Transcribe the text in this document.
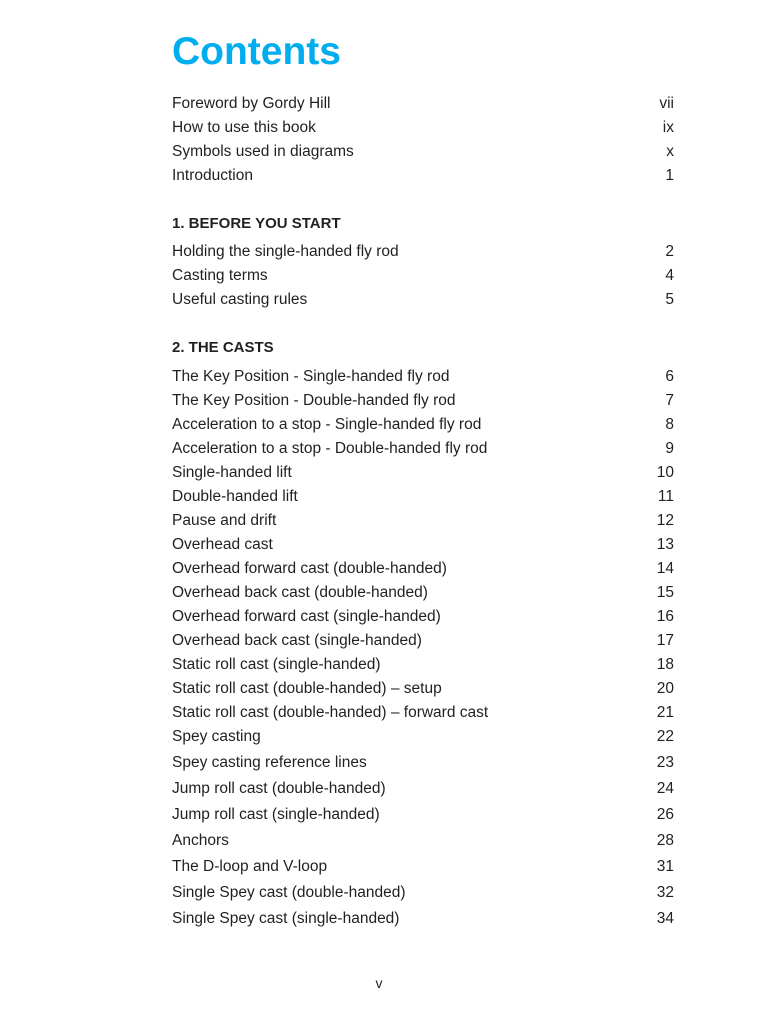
Contents
Foreword by Gordy Hill	vii
How to use this book	ix
Symbols used in diagrams	x
Introduction	1
1. BEFORE YOU START
Holding the single-handed fly rod	2
Casting terms	4
Useful casting rules	5
2. THE CASTS
The Key Position - Single-handed fly rod	6
The Key Position - Double-handed fly rod	7
Acceleration to a stop - Single-handed fly rod	8
Acceleration to a stop - Double-handed fly rod	9
Single-handed lift	10
Double-handed lift	11
Pause and drift	12
Overhead cast	13
Overhead forward cast (double-handed)	14
Overhead back cast (double-handed)	15
Overhead forward cast (single-handed)	16
Overhead back cast (single-handed)	17
Static roll cast (single-handed)	18
Static roll cast (double-handed) – setup	20
Static roll cast (double-handed) – forward cast	21
Spey casting	22
Spey casting reference lines	23
Jump roll cast (double-handed)	24
Jump roll cast (single-handed)	26
Anchors	28
The D-loop and V-loop	31
Single Spey cast (double-handed)	32
Single Spey cast (single-handed)	34
v
